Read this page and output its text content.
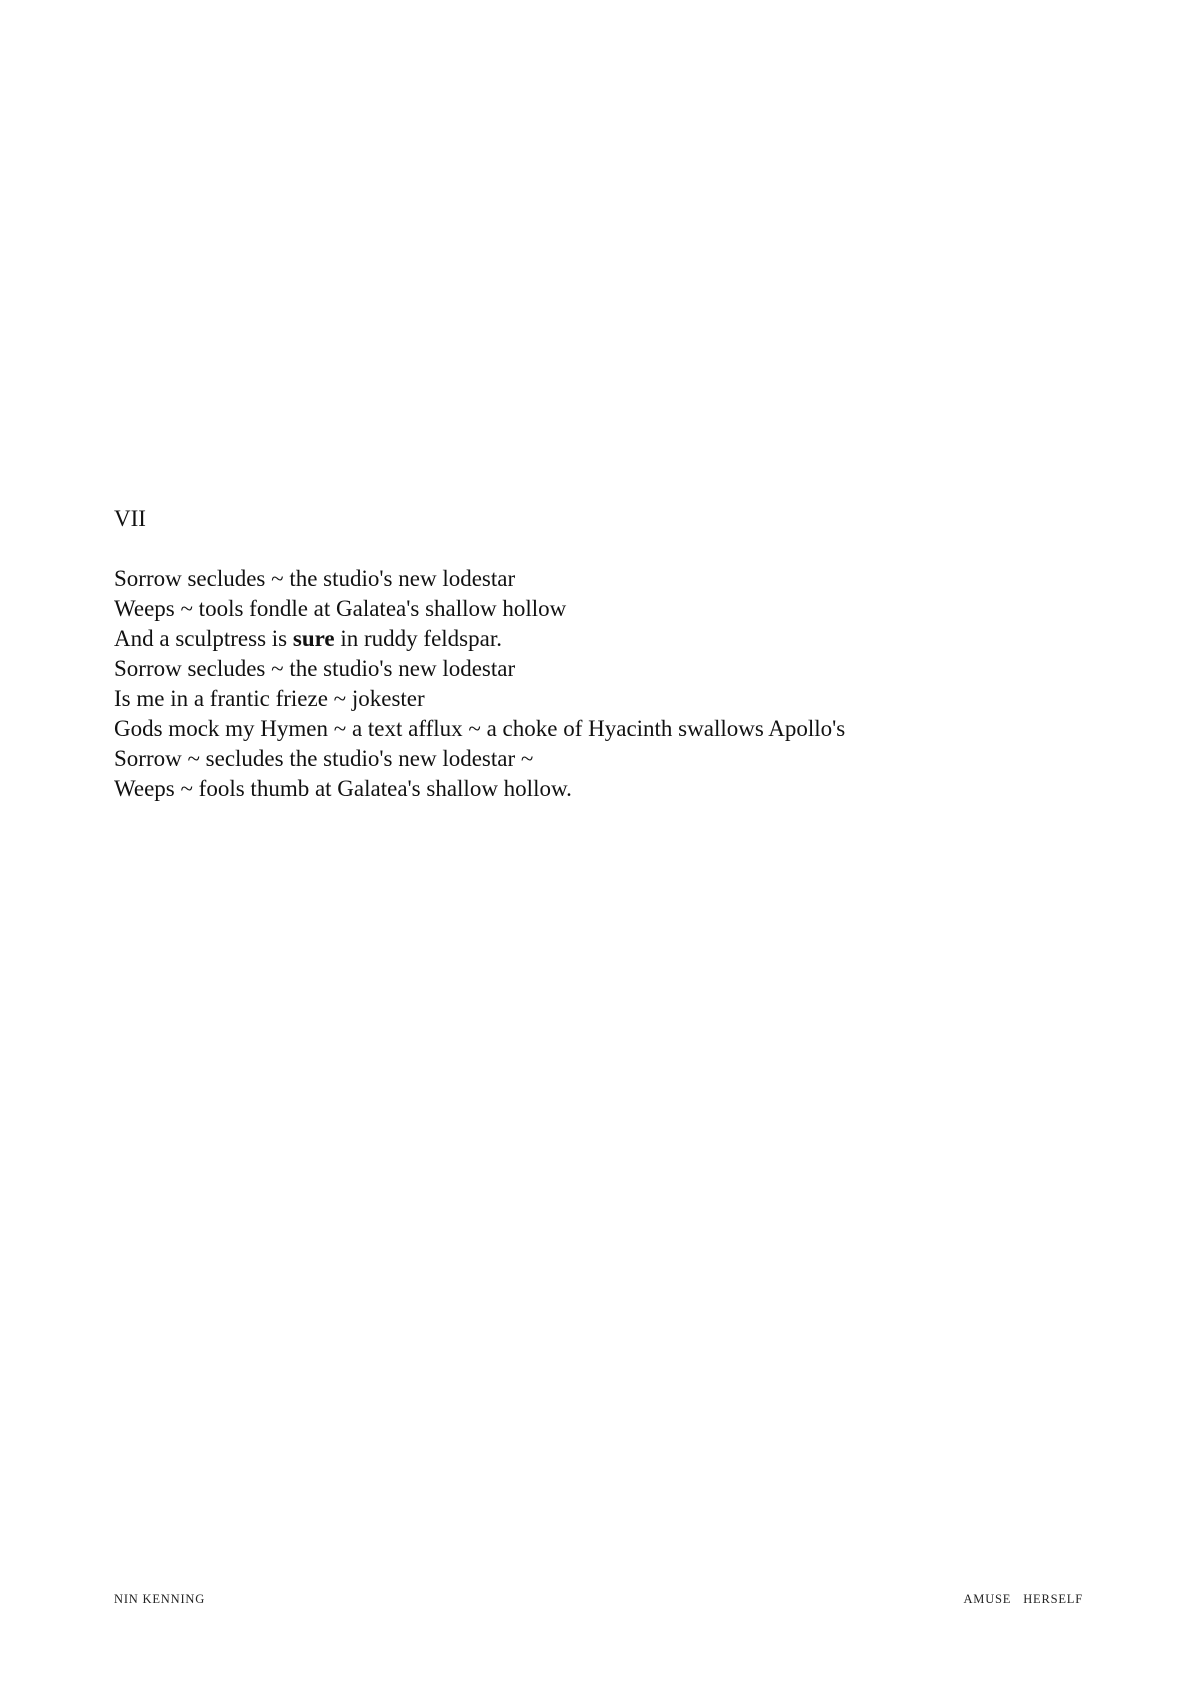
VII
Sorrow secludes ~ the studio's new lodestar
Weeps ~ tools fondle at Galatea's shallow hollow
And a sculptress is sure in ruddy feldspar.
Sorrow secludes ~ the studio's new lodestar
Is me in a frantic frieze ~ jokester
Gods mock my Hymen ~ a text afflux ~ a choke of Hyacinth swallows Apollo's
Sorrow ~ secludes the studio's new lodestar ~
Weeps ~ fools thumb at Galatea's shallow hollow.
NIN KENNING	AMUSE HERSELF
